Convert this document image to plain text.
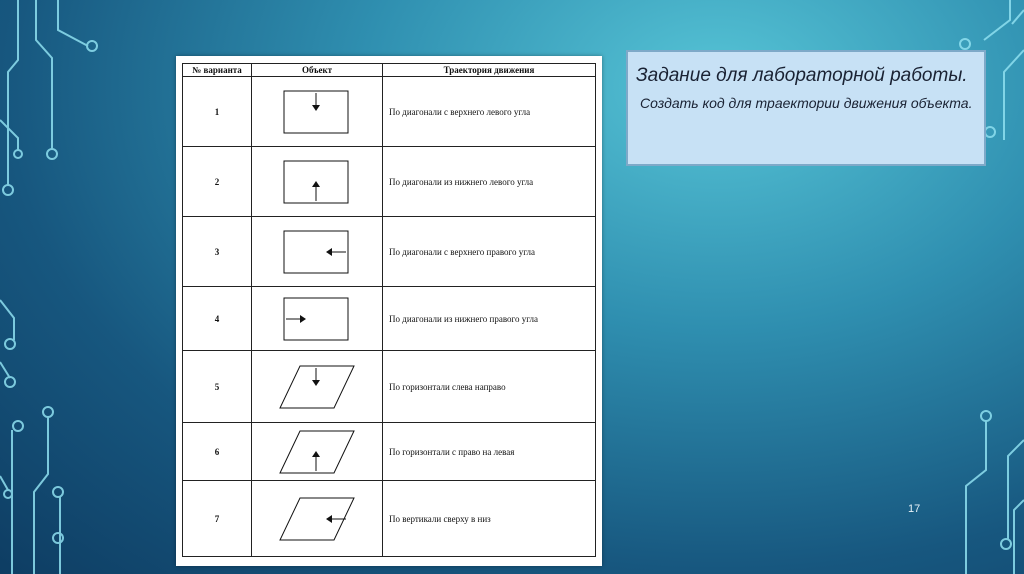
№ варианта	Объект	Траектория движения
1		По диагонали с верхнего левого угла
2		По диагонали из нижнего левого угла
3		По диагонали с верхнего правого угла
4		По диагонали из нижнего правого угла
5		По горизонтали слева направо
6		По горизонтали с право на левая
7		По вертикали сверху в низ
Задание для лабораторной работы.
Создать код для траектории движения объекта.
17
